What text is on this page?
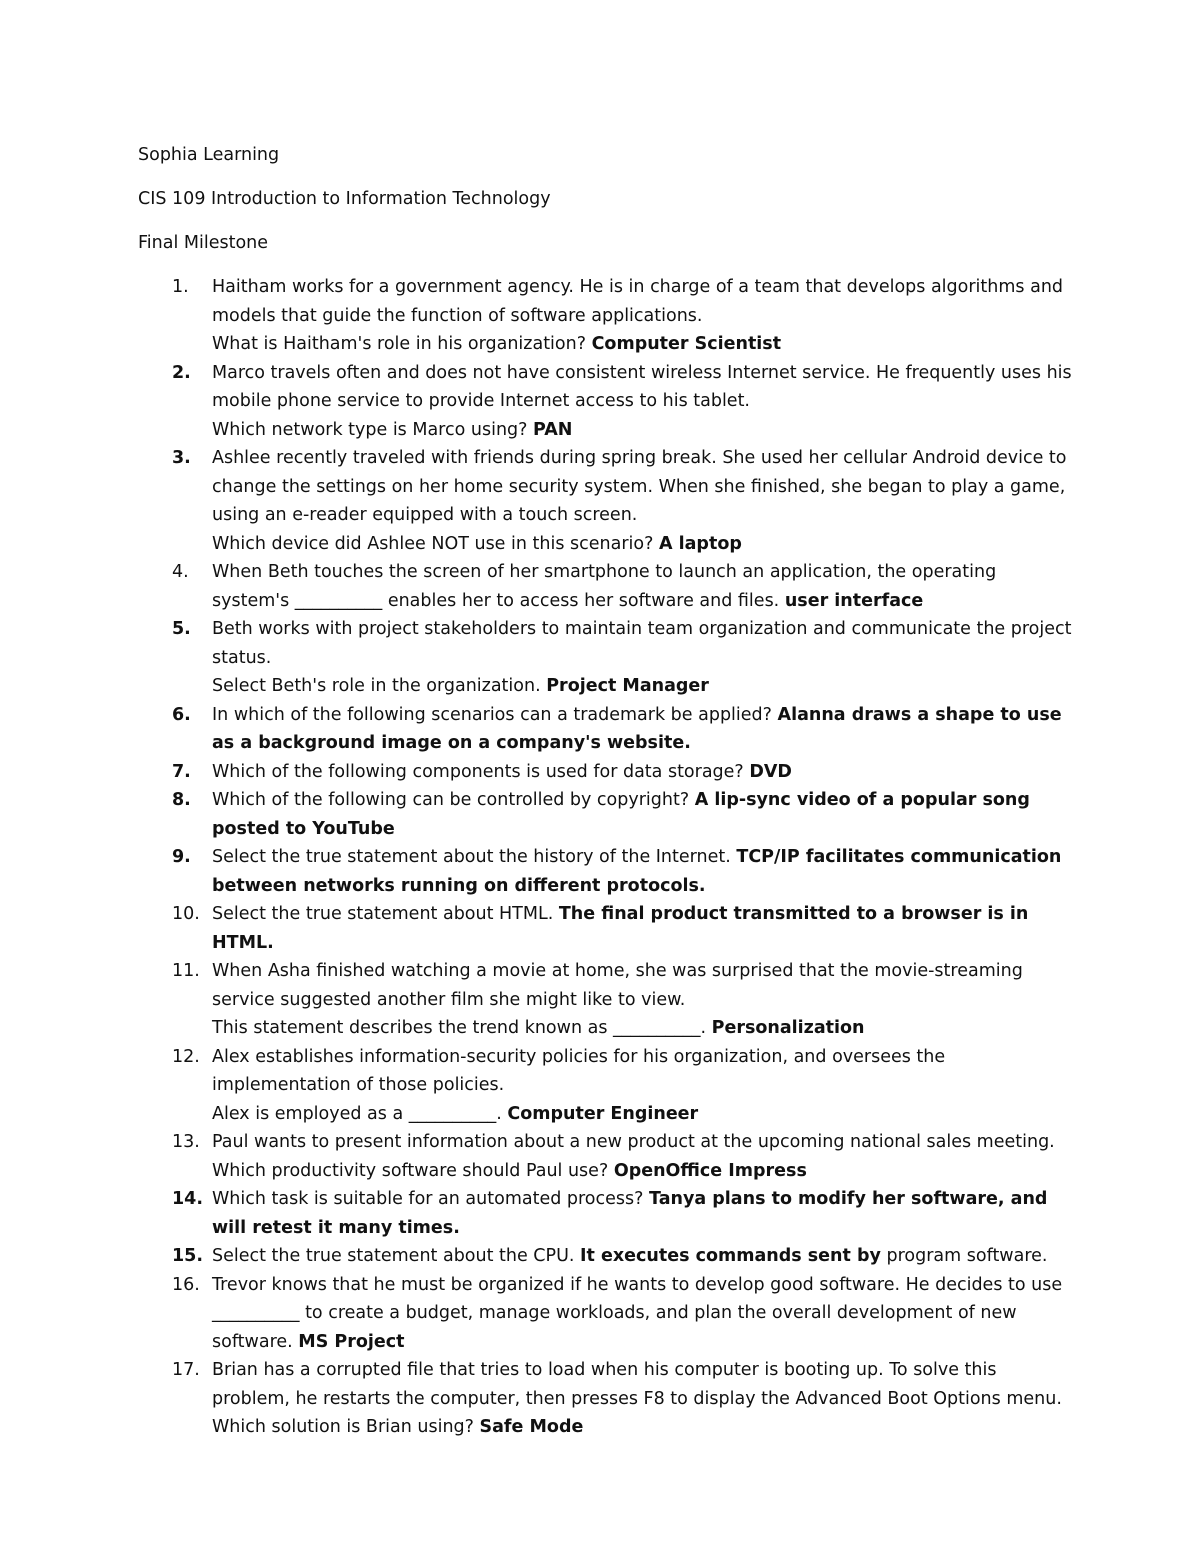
Sophia Learning
CIS 109 Introduction to Information Technology
Final Milestone
1.	Haitham works for a government agency. He is in charge of a team that develops algorithms and models that guide the function of software applications.
What is Haitham's role in his organization? Computer Scientist
2.	Marco travels often and does not have consistent wireless Internet service. He frequently uses his mobile phone service to provide Internet access to his tablet.
Which network type is Marco using? PAN
3.	Ashlee recently traveled with friends during spring break. She used her cellular Android device to change the settings on her home security system. When she finished, she began to play a game, using an e-reader equipped with a touch screen.
Which device did Ashlee NOT use in this scenario? A laptop
4.	When Beth touches the screen of her smartphone to launch an application, the operating system's __________ enables her to access her software and files. user interface
5.	Beth works with project stakeholders to maintain team organization and communicate the project status.
Select Beth's role in the organization. Project Manager
6.	In which of the following scenarios can a trademark be applied? Alanna draws a shape to use as a background image on a company's website.
7.	Which of the following components is used for data storage? DVD
8.	Which of the following can be controlled by copyright? A lip-sync video of a popular song posted to YouTube
9.	Select the true statement about the history of the Internet. TCP/IP facilitates communication between networks running on different protocols.
10. Select the true statement about HTML. The final product transmitted to a browser is in HTML.
11. When Asha finished watching a movie at home, she was surprised that the movie-streaming service suggested another film she might like to view.
This statement describes the trend known as __________. Personalization
12. Alex establishes information-security policies for his organization, and oversees the implementation of those policies.
Alex is employed as a __________. Computer Engineer
13. Paul wants to present information about a new product at the upcoming national sales meeting.
Which productivity software should Paul use? OpenOffice Impress
14. Which task is suitable for an automated process? Tanya plans to modify her software, and will retest it many times.
15. Select the true statement about the CPU. It executes commands sent by program software.
16. Trevor knows that he must be organized if he wants to develop good software. He decides to use __________ to create a budget, manage workloads, and plan the overall development of new software. MS Project
17. Brian has a corrupted file that tries to load when his computer is booting up. To solve this problem, he restarts the computer, then presses F8 to display the Advanced Boot Options menu.
Which solution is Brian using? Safe Mode
